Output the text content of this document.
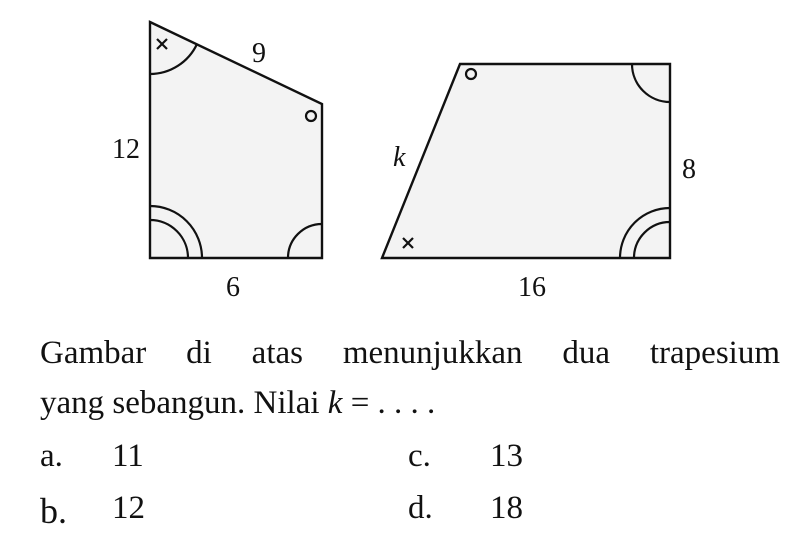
9
12
6
k	8
16
Gambar di atas menunjukkan dua trapesium
yang sebangun. Nilai k = . . . .
a. 11
b. 12
c. 13
d. 18
